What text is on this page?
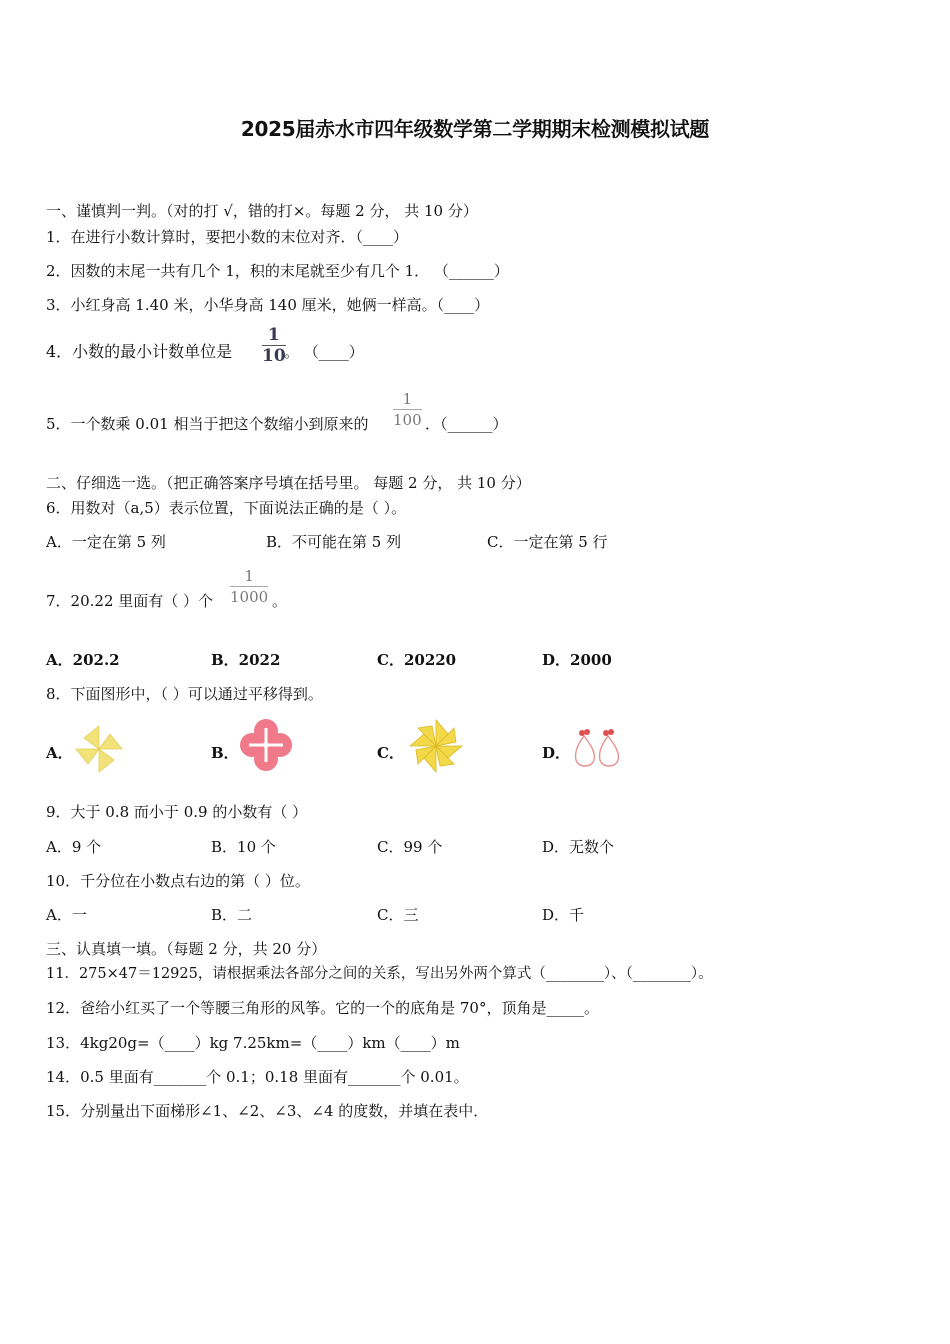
2025届赤水市四年级数学第二学期期末检测模拟试题
一、谨慎判一判。（对的打 √，错的打×。每题 2 分， 共 10 分）
1．在进行小数计算时，要把小数的末位对齐．（____）
2．因数的末尾一共有几个 1，积的末尾就至少有几个 1． （______）
3．小红身高 1.40 米，小华身高 140 厘米，她俩一样高。（____）
4．小数的最小计数单位是
1
10
。 （____）
5．一个数乘 0.01 相当于把这个数缩小到原来的
1
100 ．（______）
二、仔细选一选。（把正确答案序号填在括号里。 每题 2 分， 共 10 分）
6．用数对（a,5）表示位置，下面说法正确的是（ ）。
A．一定在第 5 列	B．不可能在第 5 列	C．一定在第 5 行
7．20.22 里面有（ ）个
1
1000 。
A．202.2	B．2022	C．20220	D．2000
8．下面图形中，（ ）可以通过平移得到。
A．	B．	C．	D．
9．大于 0.8 而小于 0.9 的小数有（ ）
A．9 个	B．10 个	C．99 个	D．无数个
10．千分位在小数点右边的第（ ）位。
A．一	B．二	C．三	D．千
三、认真填一填。（每题 2 分，共 20 分）
11．275×47＝12925，请根据乘法各部分之间的关系，写出另外两个算式（________）、（________）。
12．爸给小红买了一个等腰三角形的风筝。它的一个的底角是 70°，顶角是_____。
13．4kg20g=（____）kg 7.25km=（____）km（____）m
14．0.5 里面有_______个 0.1；0.18 里面有_______个 0.01。
15．分别量出下面梯形∠1、∠2、∠3、∠4 的度数，并填在表中．
